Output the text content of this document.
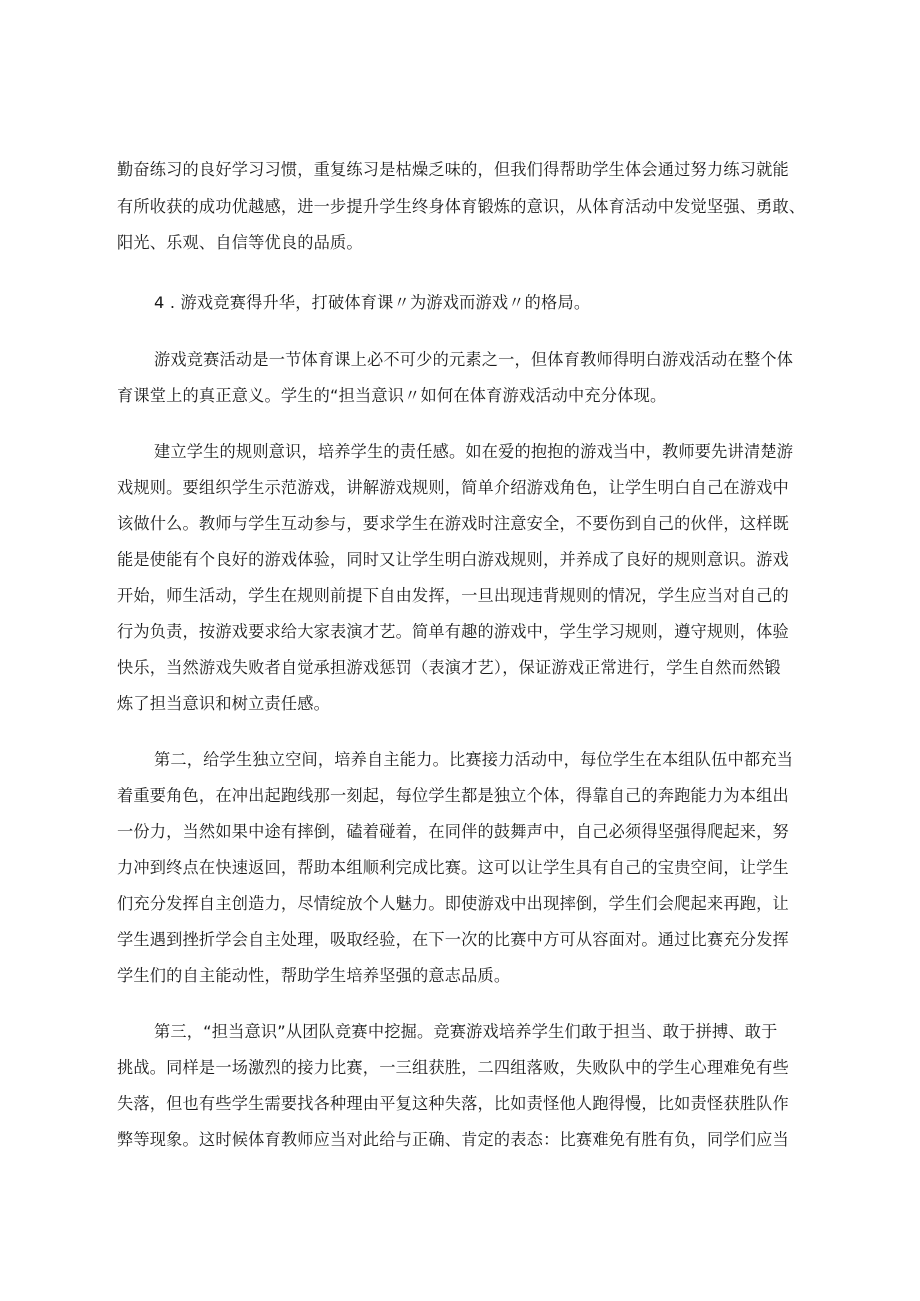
勤奋练习的良好学习习惯，重复练习是枯燥乏味的，但我们得帮助学生体会通过努力练习就能
有所收获的成功优越感，进一步提升学生终身体育锻炼的意识，从体育活动中发觉坚强、勇敢、
阳光、乐观、自信等优良的品质。
4 . 游戏竞赛得升华，打破体育课〃为游戏而游戏〃的格局。
游戏竞赛活动是一节体育课上必不可少的元素之一，但体育教师得明白游戏活动在整个体
育课堂上的真正意义。学生的“担当意识〃如何在体育游戏活动中充分体现。
建立学生的规则意识，培养学生的责任感。如在爱的抱抱的游戏当中，教师要先讲清楚游
戏规则。要组织学生示范游戏，讲解游戏规则，简单介绍游戏角色，让学生明白自己在游戏中
该做什么。教师与学生互动参与，要求学生在游戏时注意安全，不要伤到自己的伙伴，这样既
能是使能有个良好的游戏体验，同时又让学生明白游戏规则，并养成了良好的规则意识。游戏
开始，师生活动，学生在规则前提下自由发挥，一旦出现违背规则的情况，学生应当对自己的
行为负责，按游戏要求给大家表演才艺。简单有趣的游戏中，学生学习规则，遵守规则，体验
快乐，当然游戏失败者自觉承担游戏惩罚（表演才艺），保证游戏正常进行，学生自然而然锻
炼了担当意识和树立责任感。
第二，给学生独立空间，培养自主能力。比赛接力活动中，每位学生在本组队伍中都充当
着重要角色，在冲出起跑线那一刻起，每位学生都是独立个体，得靠自己的奔跑能力为本组出
一份力，当然如果中途有摔倒，磕着碰着，在同伴的鼓舞声中，自己必须得坚强得爬起来，努
力冲到终点在快速返回，帮助本组顺利完成比赛。这可以让学生具有自己的宝贵空间，让学生
们充分发挥自主创造力，尽情绽放个人魅力。即使游戏中出现摔倒，学生们会爬起来再跑，让
学生遇到挫折学会自主处理，吸取经验，在下一次的比赛中方可从容面对。通过比赛充分发挥
学生们的自主能动性，帮助学生培养坚强的意志品质。
第三，“担当意识”从团队竞赛中挖掘。竞赛游戏培养学生们敢于担当、敢于拼搏、敢于
挑战。同样是一场激烈的接力比赛，一三组获胜，二四组落败，失败队中的学生心理难免有些
失落，但也有些学生需要找各种理由平复这种失落，比如责怪他人跑得慢，比如责怪获胜队作
弊等现象。这时候体育教师应当对此给与正确、肯定的表态：比赛难免有胜有负，同学们应当
